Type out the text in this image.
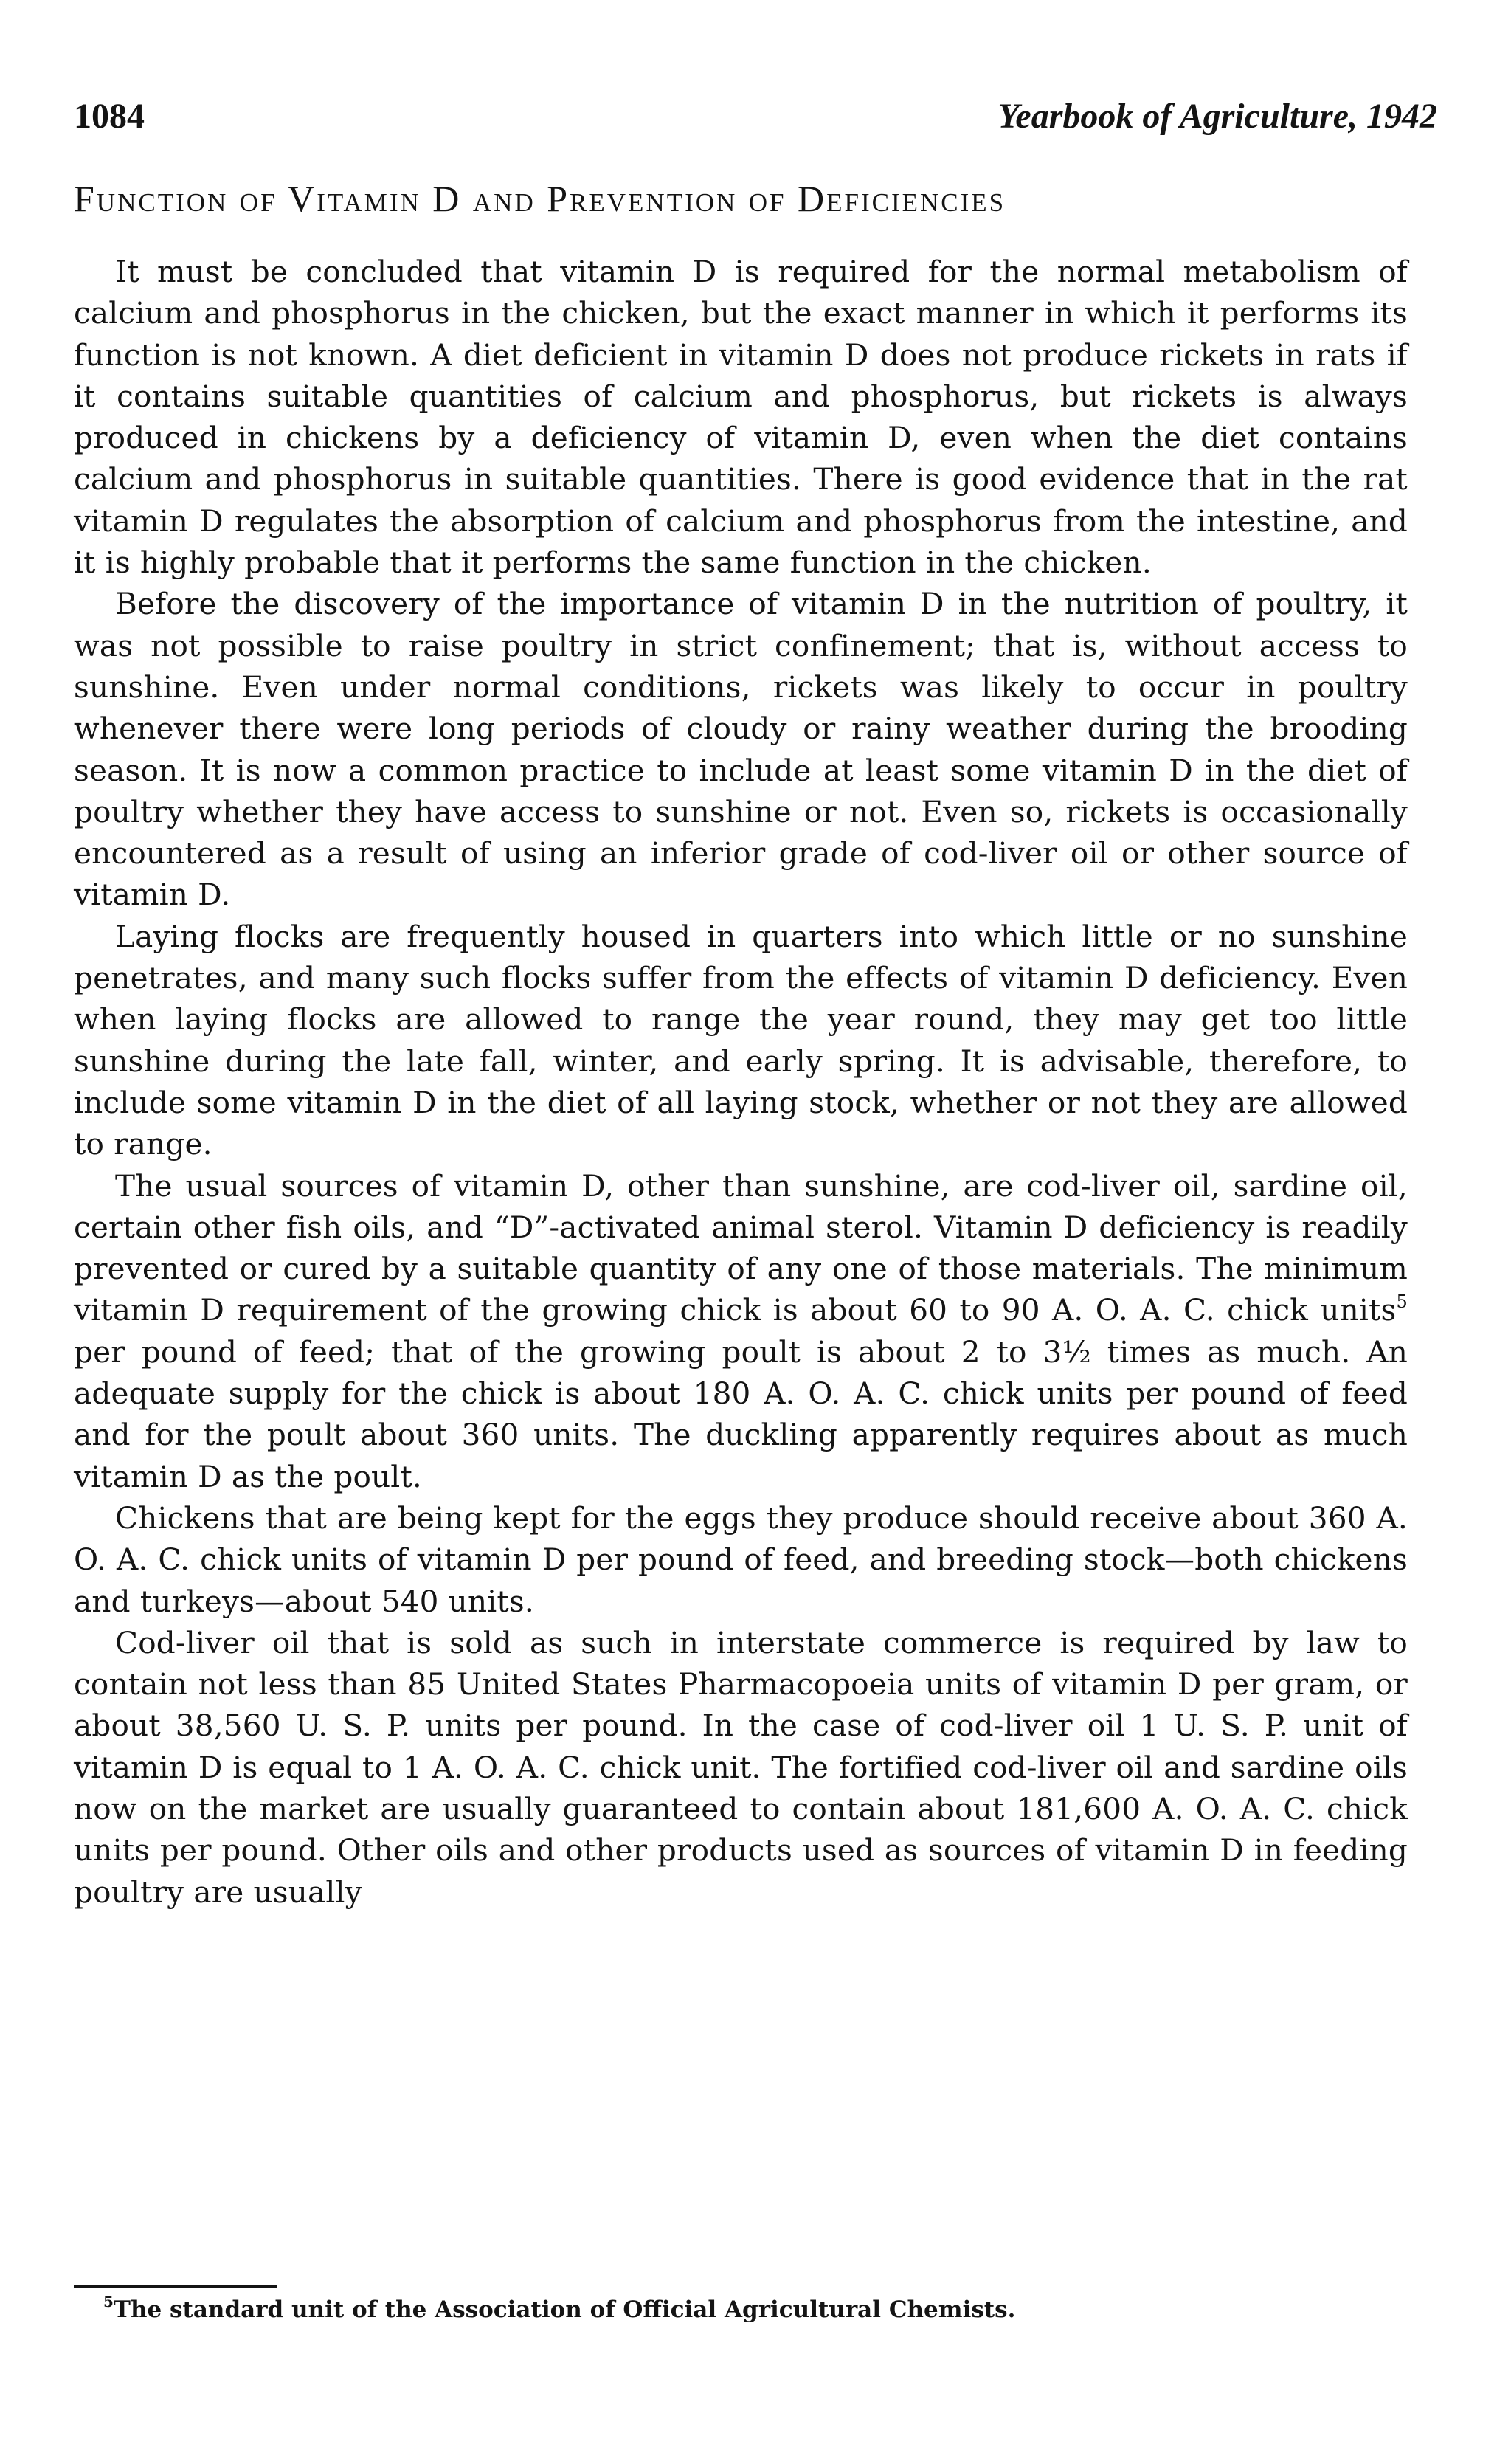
1084	Yearbook of Agriculture, 1942
Function of Vitamin D and Prevention of Deficiencies

It must be concluded that vitamin D is required for the normal metabolism of calcium and phosphorus in the chicken, but the exact manner in which it performs its function is not known. A diet deficient in vitamin D does not produce rickets in rats if it contains suitable quantities of calcium and phosphorus, but rickets is always produced in chickens by a deficiency of vitamin D, even when the diet contains calcium and phosphorus in suitable quantities. There is good evidence that in the rat vitamin D regulates the absorption of calcium and phosphorus from the intestine, and it is highly probable that it performs the same function in the chicken.

Before the discovery of the importance of vitamin D in the nutrition of poultry, it was not possible to raise poultry in strict confinement; that is, without access to sunshine. Even under normal conditions, rickets was likely to occur in poultry whenever there were long periods of cloudy or rainy weather during the brooding season. It is now a common practice to include at least some vitamin D in the diet of poultry whether they have access to sunshine or not. Even so, rickets is occasionally encountered as a result of using an inferior grade of cod-liver oil or other source of vitamin D.

Laying flocks are frequently housed in quarters into which little or no sunshine penetrates, and many such flocks suffer from the effects of vitamin D deficiency. Even when laying flocks are allowed to range the year round, they may get too little sunshine during the late fall, winter, and early spring. It is advisable, therefore, to include some vitamin D in the diet of all laying stock, whether or not they are allowed to range.

The usual sources of vitamin D, other than sunshine, are cod-liver oil, sardine oil, certain other fish oils, and “D”-activated animal sterol. Vitamin D deficiency is readily prevented or cured by a suitable quantity of any one of those materials. The minimum vitamin D requirement of the growing chick is about 60 to 90 A. O. A. C. chick units$^5$ per pound of feed; that of the growing poult is about 2 to 3½ times as much. An adequate supply for the chick is about 180 A. O. A. C. chick units per pound of feed and for the poult about 360 units. The duckling apparently requires about as much vitamin D as the poult.

Chickens that are being kept for the eggs they produce should receive about 360 A. O. A. C. chick units of vitamin D per pound of feed, and breeding stock—both chickens and turkeys—about 540 units.

Cod-liver oil that is sold as such in interstate commerce is required by law to contain not less than 85 United States Pharmacopoeia units of vitamin D per gram, or about 38,560 U. S. P. units per pound. In the case of cod-liver oil 1 U. S. P. unit of vitamin D is equal to 1 A. O. A. C. chick unit. The fortified cod-liver oil and sardine oils now on the market are usually guaranteed to contain about 181,600 A. O. A. C. chick units per pound. Other oils and other products used as sources of vitamin D in feeding poultry are usually

$^5$The standard unit of the Association of Official Agricultural Chemists.
